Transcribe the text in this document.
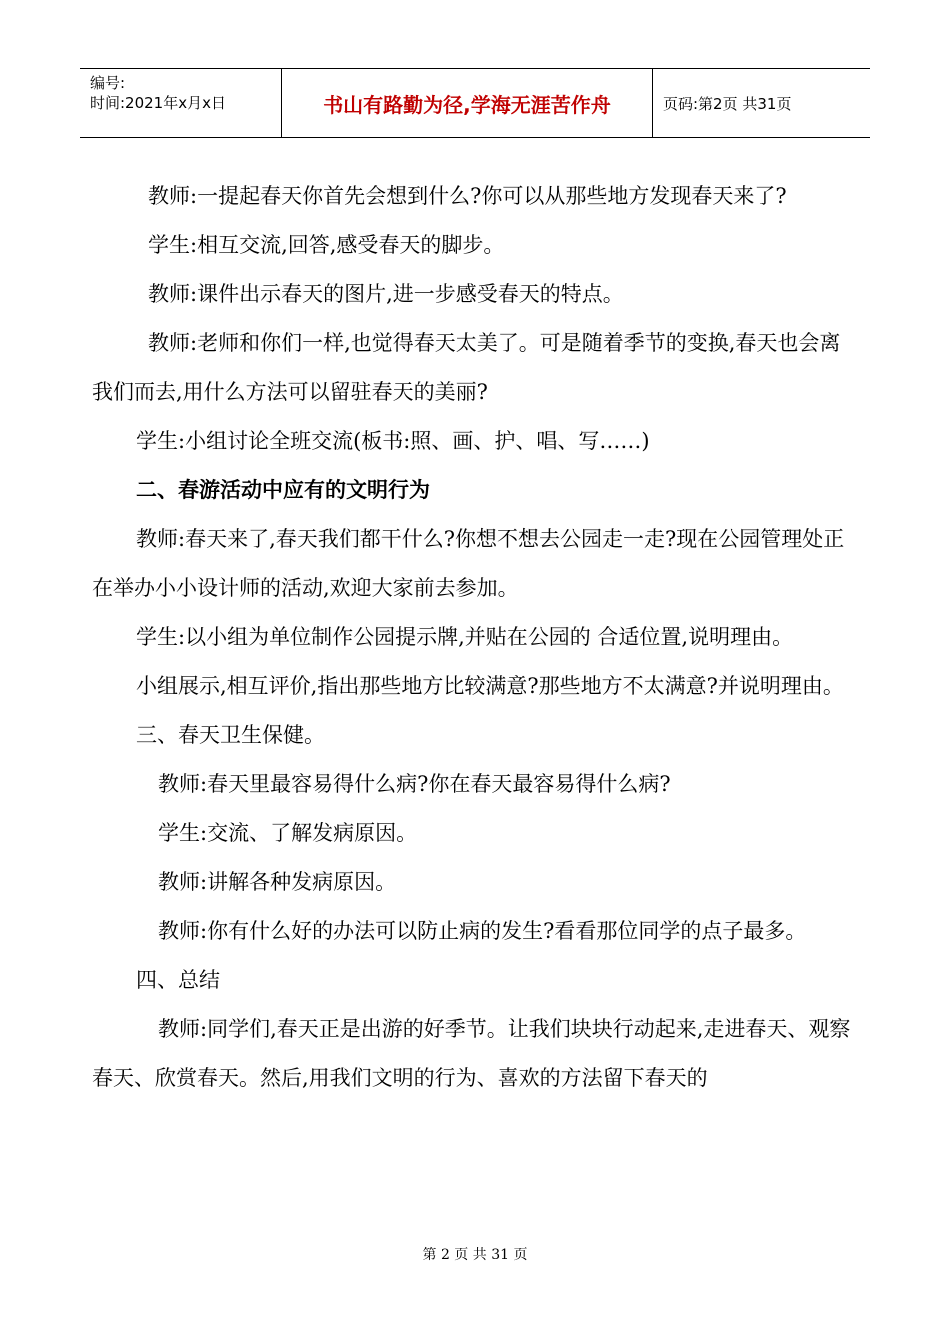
编号:
时间:2021年x月x日	书山有路勤为径,学海无涯苦作舟	页码:第2页 共31页

教师:一提起春天你首先会想到什么?你可以从那些地方发现春天来了?

学生:相互交流,回答,感受春天的脚步。

教师:课件出示春天的图片,进一步感受春天的特点。

教师:老师和你们一样,也觉得春天太美了。可是随着季节的变换,春天也会离我们而去,用什么方法可以留驻春天的美丽?

学生:小组讨论全班交流(板书:照、画、护、唱、写……)

二、春游活动中应有的文明行为

教师:春天来了,春天我们都干什么?你想不想去公园走一走?现在公园管理处正在举办小小设计师的活动,欢迎大家前去参加。

学生:以小组为单位制作公园提示牌,并贴在公园的 合适位置,说明理由。

小组展示,相互评价,指出那些地方比较满意?那些地方不太满意?并说明理由。

三、春天卫生保健。

教师:春天里最容易得什么病?你在春天最容易得什么病?

学生:交流、了解发病原因。

教师:讲解各种发病原因。

教师:你有什么好的办法可以防止病的发生?看看那位同学的点子最多。

四、总结

教师:同学们,春天正是出游的好季节。让我们块块行动起来,走进春天、观察春天、欣赏春天。然后,用我们文明的行为、喜欢的方法留下春天的

第 2 页 共 31 页
